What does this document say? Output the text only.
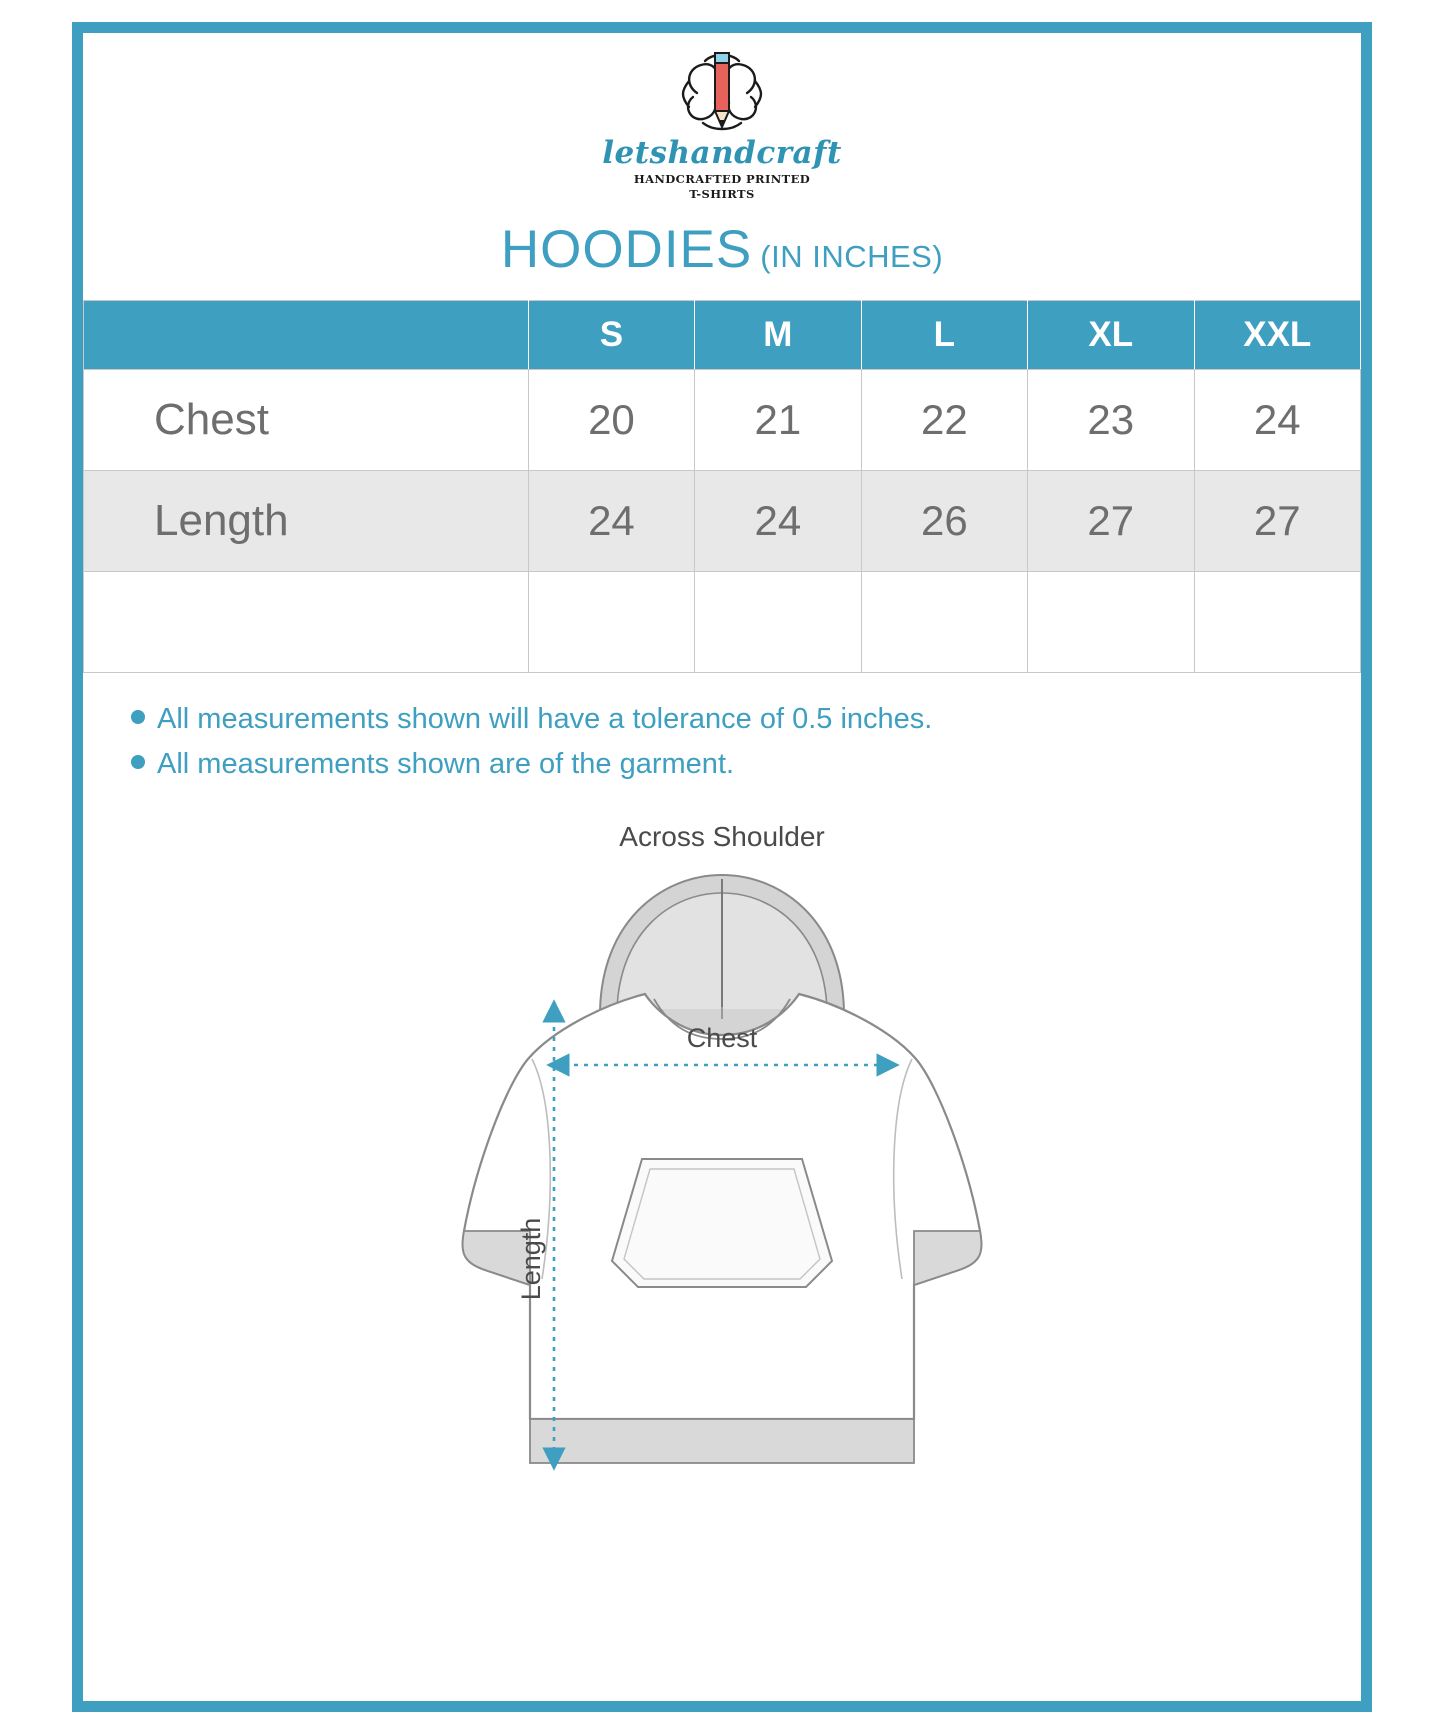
letshandcraft
HANDCRAFTED PRINTED
T-SHIRTS
HOODIES (IN INCHES)
	S	M	L	XL	XXL
Chest	20	21	22	23	24
Length	24	24	26	27	27

All measurements shown will have a tolerance of 0.5 inches.
All measurements shown are of the garment.
Across Shoulder
Chest
Length
